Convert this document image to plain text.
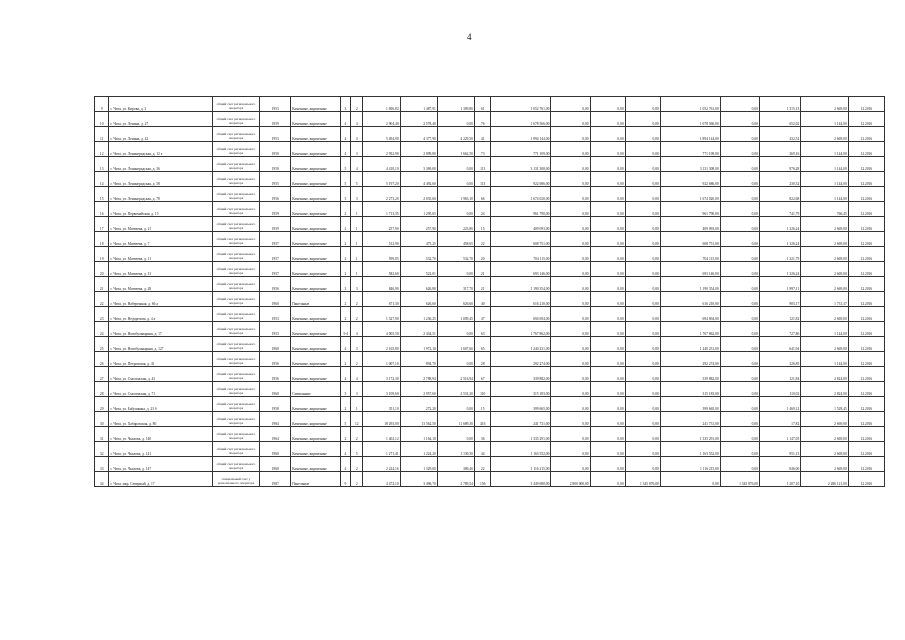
4
9	г. Чита, ул. Кирова, д. 3	общий счет регионального оператора	1953	Каменные, кирпичные	3	2	1 696,82	1 487,91	1 309,80	61	1 052 761,00	0,00	0,00	0,00	1 052 761,00	0,00	1 315,13	2 669,00	12.2016
10	г. Чита, ул. Ленина, д. 27	общий счет регионального оператора	1959	Каменные, кирпичные	4	4	2 904,40	2 578,40	0,00	76	1 678 566,00	0,00	0,00	0,00	1 678 566,00	0,00	652,02	1 144,00	12.2016
11	г. Чита, ул. Ленина, д. 42	общий счет регионального оператора	1953	Каменные, кирпичные	4	3	5 494,90	4 377,90	4 229,50	41	1 894 144,00	0,00	0,00	0,00	1 894 144,00	0,00	432,52	2 669,00	12.2016
12	г. Чита, ул. Ленинградская, д. 12 а	общий счет регионального оператора	1950	Каменные, кирпичные	4	3	2 952,90	2 099,80	1 662,50	73	771 109,00	0,00	0,00	0,00	771 109,00	0,00	369,16	1 144,00	12.2016
13	г. Чита, ул. Ленинградская, д. 36	общий счет регионального оператора	1950	Каменные, кирпичные	5	4	4 410,10	3 369,00	0,00	113	3 131 308,00	0,00	0,00	0,00	3 131 308,00	0,00	976,28	1 144,00	12.2016
14	г. Чита, ул. Ленинградская, д. 58	общий счет регионального оператора	1955	Каменные, кирпичные	5	5	5 197,20	4 492,60	0,00	113	922 686,00	0,00	0,00	0,00	922 686,00	0,00	230,52	1 144,00	12.2016
15	г. Чита, ул. Ленинградская, д. 78	общий счет регионального оператора	1956	Каменные, кирпичные	3	3	2 273,20	2 035,60	1 963,10	66	1 674 020,00	0,00	0,00	0,00	1 674 020,00	0,00	822,68	1 144,00	12.2016
16	г. Чита, ул. Первомайская, д. 15	общий счет регионального оператора	1959	Каменные, кирпичные	2	1	1 713,35	1 295,65	0,00	24	961 790,00	0,00	0,00	0,00	961 790,00	0,00	741,79	766,45	12.2016
17	г. Чита, ул. Матвеева, д. 21	общий счет регионального оператора	1959	Каменные, кирпичные	2	1	257,90	257,90	223,80	15	409 093,00	0,00	0,00	0,00	409 093,00	0,00	1 326,24	2 669,00	12.2016
18	г. Чита, ул. Матвеева, д. 7	общий счет регионального оператора	1957	Каменные, кирпичные	2	1	512,90	475,25	458,65	22	608 751,00	0,00	0,00	0,00	608 751,00	0,00	1 326,24	2 669,00	12.2016
19	г. Чита, ул. Матвеева, д. 11	общий счет регионального оператора	1957	Каменные, кирпичные	2	1	599,05	532,70	532,70	20	704 115,00	0,00	0,00	0,00	704 115,00	0,00	1 321,79	2 669,00	12.2016
20	г. Чита, ул. Матвеева, д. 13	общий счет регионального оператора	1957	Каменные, кирпичные	2	1	582,60	522,01	0,00	21	693 146,00	0,00	0,00	0,00	693 146,00	0,00	1 326,24	2 669,00	12.2016
21	г. Чита, ул. Матвеева, д. 28	общий счет регионального оператора	1956	Каменные, кирпичные	3	3	846,90	626,80	317,70	21	1 190 354,00	0,00	0,00	0,00	1 190 354,00	0,00	1 897,11	2 669,00	12.2016
22	г. Чита, ул. Набережная, д. 66 а	общий счет регионального оператора	1960	Панельные	2	2	671,30	626,60	626,60	40	616 210,00	0,00	0,00	0,00	616 210,00	0,00	983,17	1 731,37	12.2016
23	г. Чита, ул. Недорезова, д. 4 а	общий счет регионального оператора	1953	Каменные, кирпичные	2	2	1 327,90	1 236,25	1 009,45	47	694 694,00	0,00	0,00	0,00	694 694,00	0,00	121,82	2 669,00	12.2016
24	г. Чита, ул. Новобульварная, д. 17	общий счет регионального оператора	1953	Каменные, кирпичные	3-4	4	4 005,50	2 434,51	0,00	63	1 767 862,00	0,00	0,00	0,00	1 767 862,00	0,00	727,86	1 144,00	12.2016
25	г. Чита, ул. Новобульварная, д. 127	общий счет регионального оператора	1960	Каменные, кирпичные	4	3	2 165,80	1 972,10	1 607,60	65	1 240 231,00	0,00	0,00	0,00	1 240 231,00	0,00	641,94	2 669,00	12.2016
26	г. Чита, ул. Петровская, д. 41	общий счет регионального оператора	1956	Каменные, кирпичные	2	2	1 007,10	894,70	0,00	28	292 274,00	0,00	0,00	0,00	292 274,00	0,00	326,85	1 144,00	12.2016
27	г. Чита, ул. Смоленская, д. 43	общий счет регионального оператора	1956	Каменные, кирпичные	4	4	3 172,30	2 788,94	2 516,94	67	339 882,00	0,00	0,00	0,00	339 882,00	0,00	121,84	2 824,00	12.2016
28	г. Чита, ул. Смоленская, д. 71	общий счет регионального оператора	1960	Смешанные	3	3	3 109,60	2 957,60	2 531,20	110	315 183,00	0,00	0,00	0,00	315 183,00	0,00	110,02	2 824,00	12.2016
29	г. Чита, ул. Бабушкина, д. 23 б	общий счет регионального оператора	1958	Каменные, кирпичные	2	1	351,10	272,20	0,00	15	399 665,00	0,00	0,00	0,00	399 665,00	0,00	1 469,12	1 528,45	12.2016
30	г. Чита, ул. Хабаровская, д. 80	общий счет регионального оператора	1984	Каменные, кирпичные	5	12	18 293,00	13 562,50	11 689,30	416	241 731,00	0,00	0,00	0,00	241 731,00	0,00	17,82	2 669,00	12.2016
31	г. Чита, ул. Чкалова, д. 140	общий счет регионального оператора	1964	Каменные, кирпичные	2	2	1 402,12	1 164,10	0,00	36	1 335 291,00	0,00	0,00	0,00	1 335 291,00	0,00	1 147,05	2 669,00	12.2016
32	г. Чита, ул. Чкалова, д. 141	общий счет регионального оператора	1960	Каменные, кирпичные	4	5	1 271,41	1 224,20	1 130,50	44	1 163 552,00	0,00	0,00	0,00	1 163 552,00	0,00	951,13	2 669,00	12.2016
33	г. Чита, ул. Чкалова, д. 147	общий счет регионального оператора	1960	Каменные, кирпичные	4	2	2 224,16	1 329,00	386,40	22	1 116 215,00	0,00	0,00	0,00	1 116 215,00	0,00	846,00	2 669,00	12.2016
34	г. Чита, мкр. Северный, д. 17	специальный счет у регионального оператора	1987	Панельные	9	2	4 472,10	3 496,70	2 789,54	156	3 449 680,00	2 800 000,00	0,00	1 345 876,00	0,00	1 345 876,00	1 207,10	2 286 121,00	12.2016
